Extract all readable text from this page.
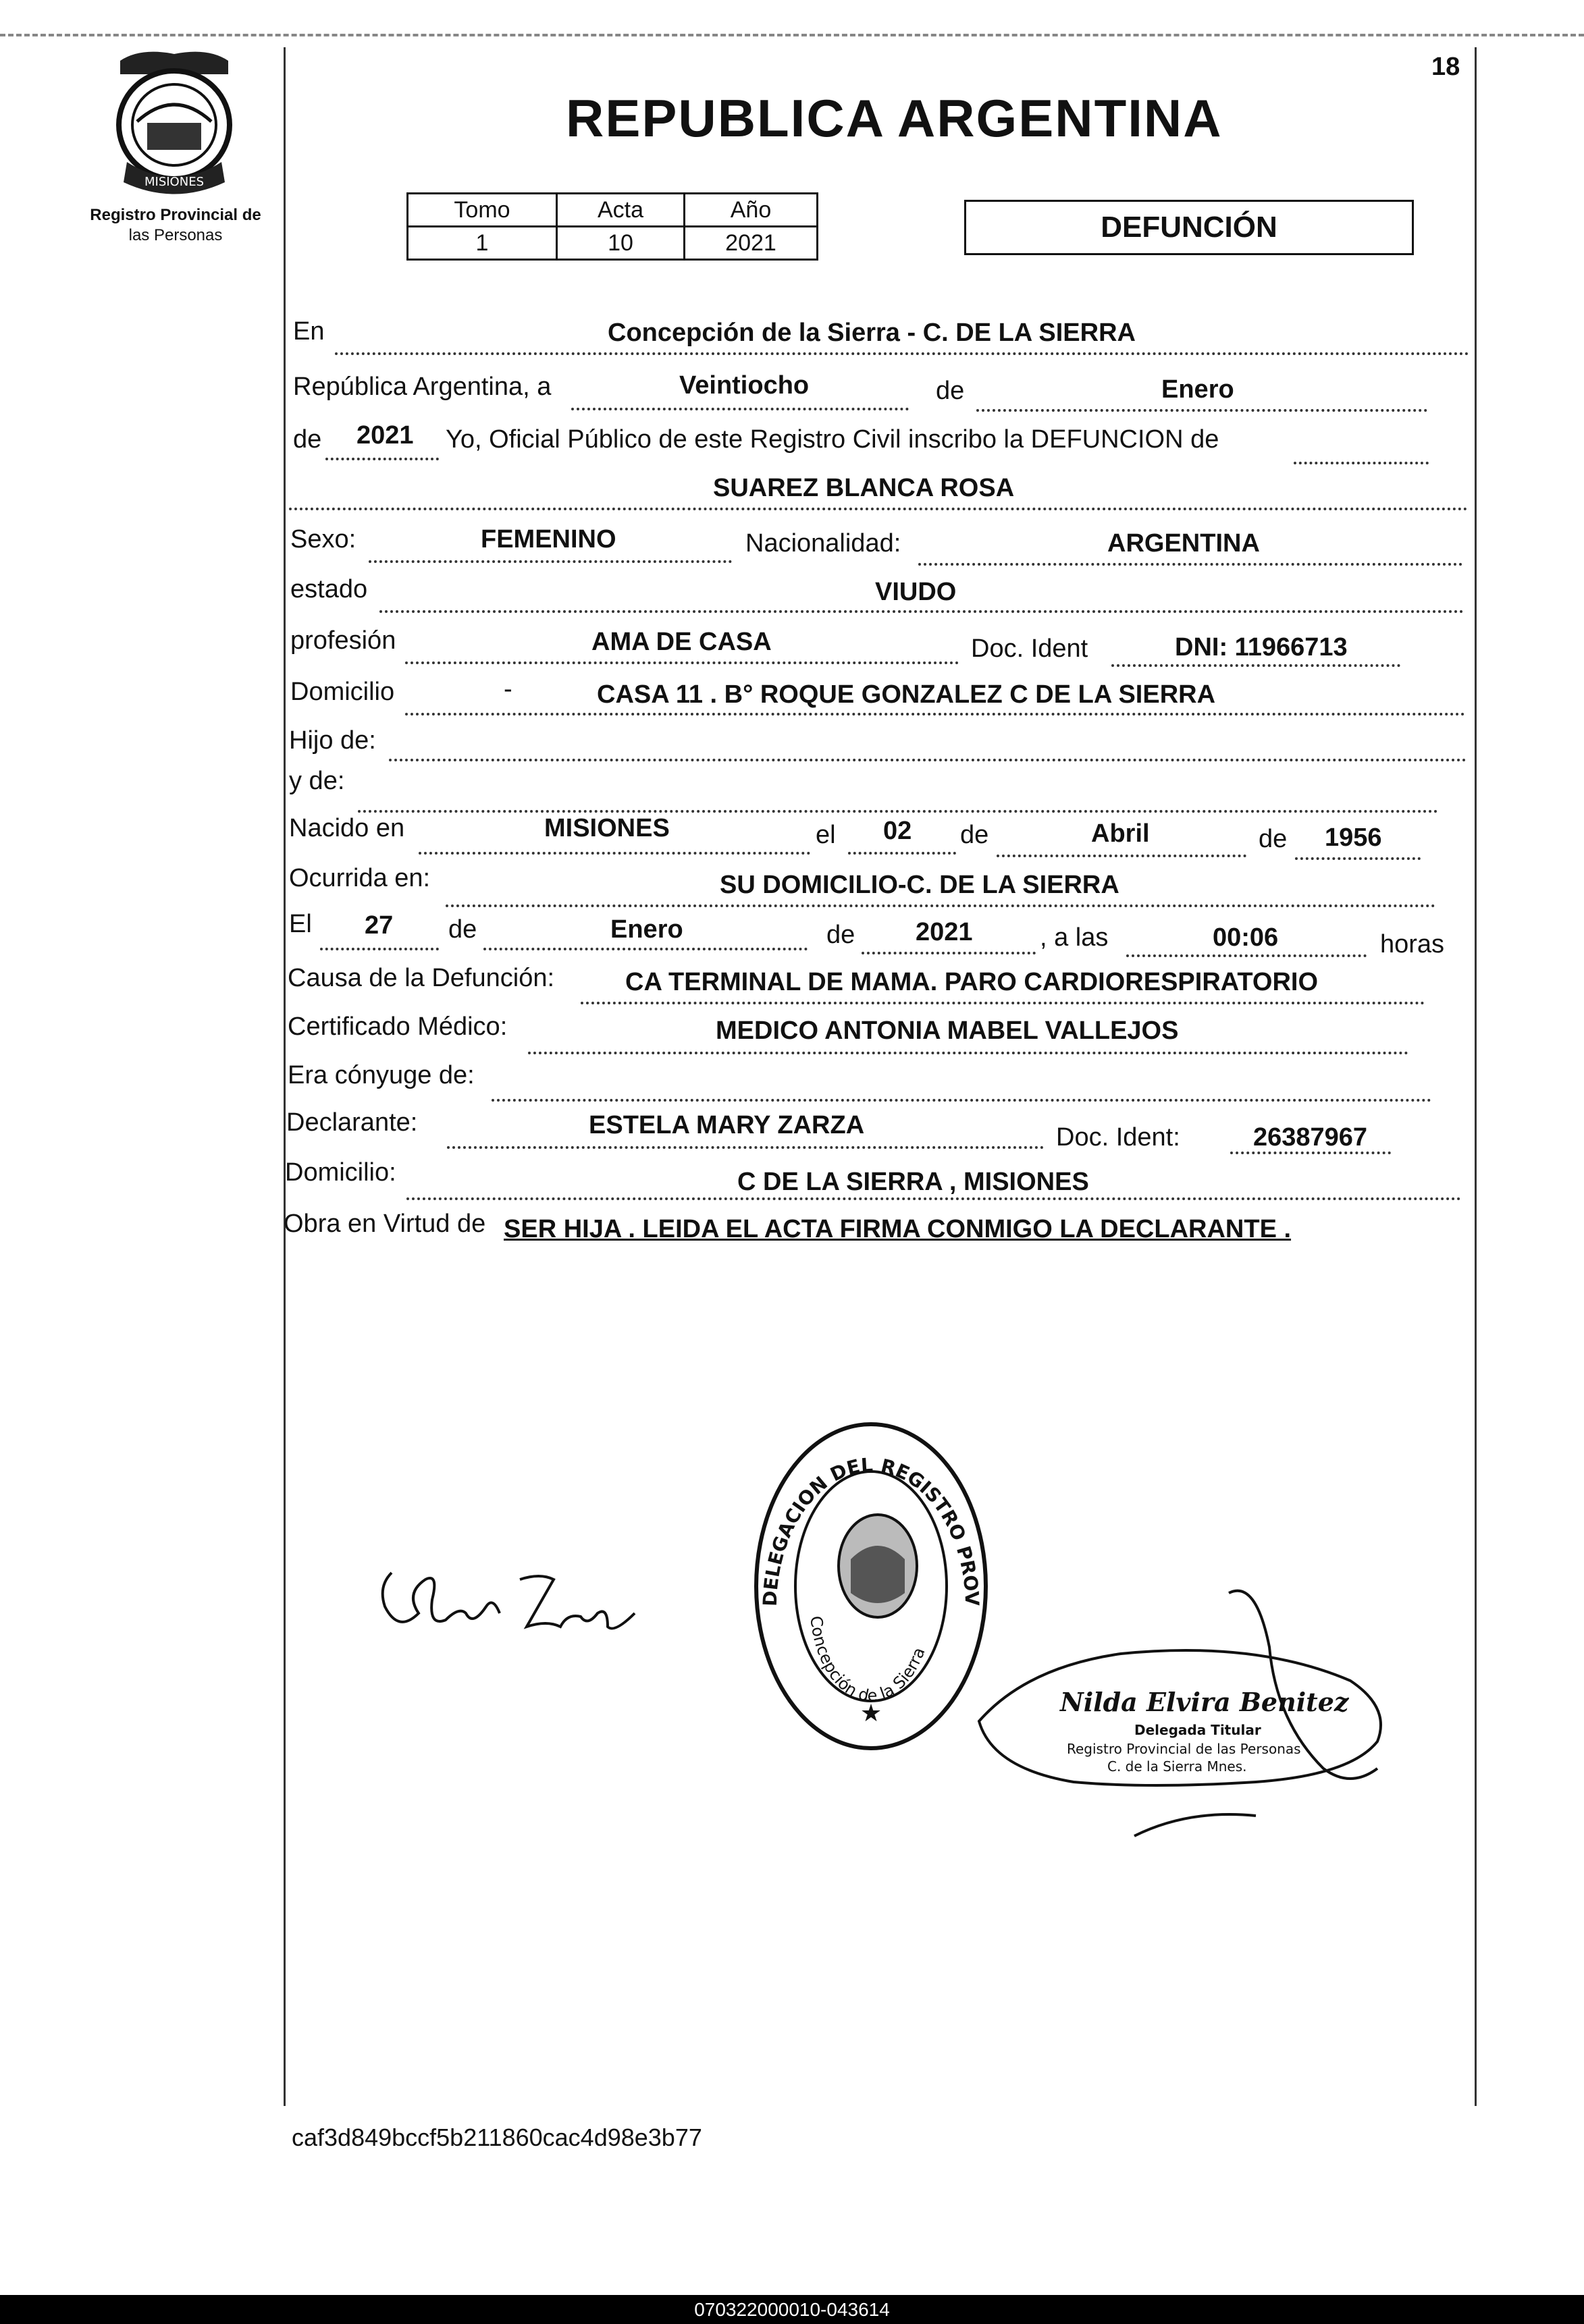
18
MISIONES
Registro Provincial de
las Personas
REPUBLICA ARGENTINA
Tomo	Acta	Año
1	10	2021	DEFUNCIÓN
En	Concepción de la Sierra - C. DE LA SIERRA
República Argentina, a	Veintiocho	de	Enero
de 2021 Yo, Oficial Público de este Registro Civil inscribo la DEFUNCION de
SUAREZ BLANCA ROSA
Sexo:	FEMENINO	Nacionalidad:	ARGENTINA
estado	VIUDO
profesión	AMA DE CASA	Doc. Ident	DNI: 11966713
Domicilio	-	CASA 11 . B° ROQUE GONZALEZ C DE LA SIERRA
Hijo de:
y de:
Nacido en	MISIONES	el 02 de	Abril	de 1956
Ocurrida en:	SU DOMICILIO-C. DE LA SIERRA
El 27 de	Enero	de 2021	, a las	00:06	horas
Causa de la Defunción:	CA TERMINAL DE MAMA. PARO CARDIORESPIRATORIO
Certificado Médico:	MEDICO ANTONIA MABEL VALLEJOS
Era cónyuge de:
Declarante:	ESTELA MARY ZARZA	Doc. Ident:	26387967
Domicilio:	C DE LA SIERRA , MISIONES
Obra en Virtud de SER HIJA . LEIDA EL ACTA FIRMA CONMIGO LA DECLARANTE .
DELEGACION DEL REGISTRO PROV
Concepción de la Sierra
★	Nilda Elvira Benitez
Delegada Titular
Registro Provincial de las Personas
C. de la Sierra Mnes.
caf3d849bccf5b211860cac4d98e3b77
070322000010-043614
